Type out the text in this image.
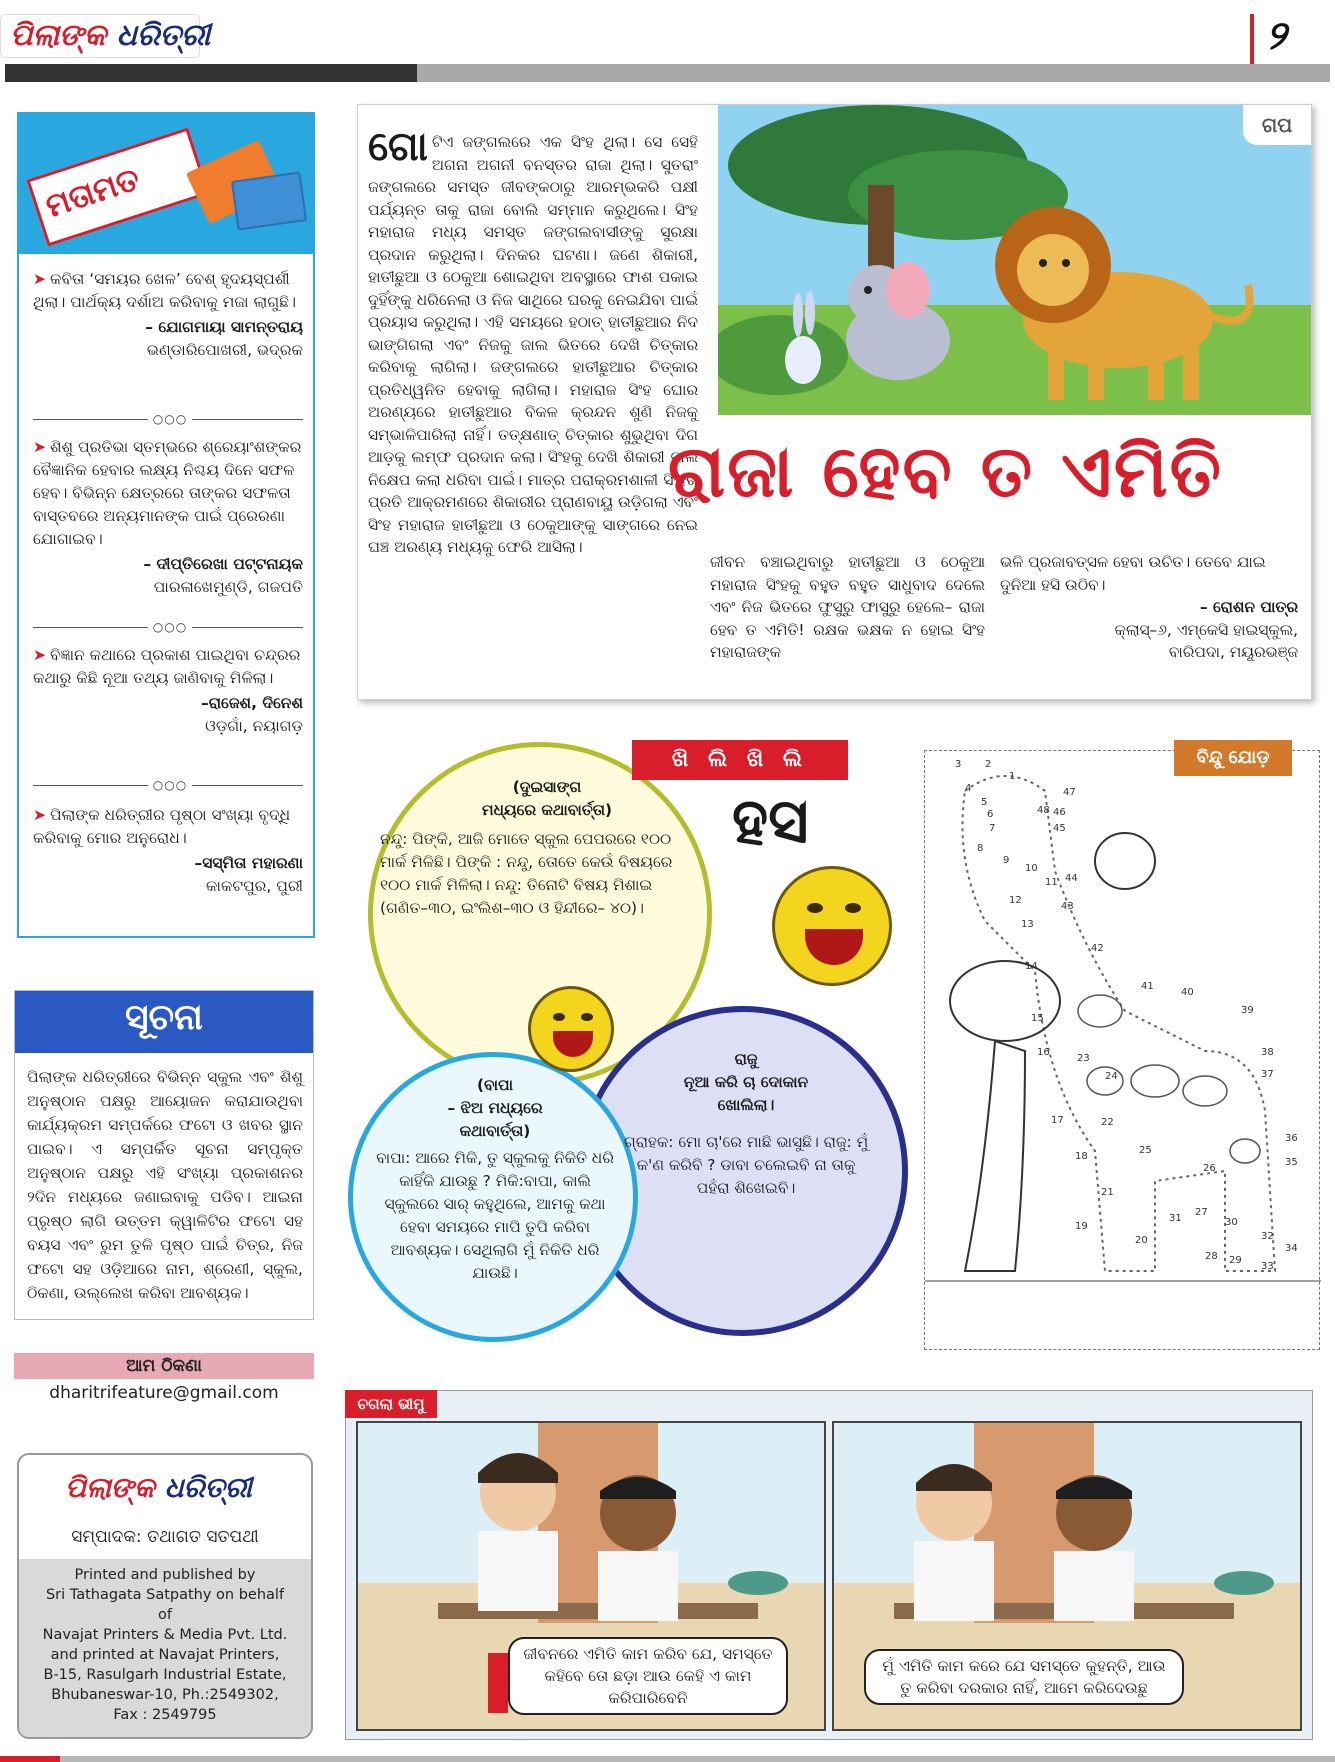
ପିଲାଙ୍କ ଧରିତ୍ରୀ	୨
ମତାମତ
➤ କବିତା ‘ସମୟର ଖେଳ’ ବେଶ୍ ହୃଦୟସ୍ପର୍ଶୀ ଥିଲା। ପାର୍ଥକ୍ୟ ଦର୍ଶାଅ କରିବାକୁ ମଜା ଲାଗୁଛି।
– ଯୋଗମାୟା ସାମନ୍ତରାୟ
ଭଣ୍ଡାରିପୋଖରୀ, ଭଦ୍ରକ
○○○
➤ ଶିଶୁ ପ୍ରତିଭା ସ୍ତମ୍ଭରେ ଶ୍ରେୟାଂଶଙ୍କର ବୈଜ୍ଞାନିକ ହେବାର ଲକ୍ଷ୍ୟ ନିଶ୍ଚୟ ଦିନେ ସଫଳ ହେବ। ବିଭିନ୍ନ କ୍ଷେତ୍ରରେ ତାଙ୍କର ସଫଳତା ବାସ୍ତବରେ ଅନ୍ୟମାନଙ୍କ ପାଇଁ ପ୍ରେରଣା ଯୋଗାଇବ।
– ଦୀପ୍ତିରେଖା ପଟ୍ଟନାୟକ
ପାରଳାଖେମୁଣ୍ଡି, ଗଜପତି
○○○
➤ ବିଜ୍ଞାନ କଥାରେ ପ୍ରକାଶ ପାଇଥିବା ଚନ୍ଦ୍ରର କଥାରୁ କିଛି ନୂଆ ତଥ୍ୟ ଜାଣିବାକୁ ମିଳିଲା।
–ରାଜେଶ, ଦିନେଶ
ଓଡ଼ଗାଁ, ନୟାଗଡ଼
○○○
➤ ପିଲାଙ୍କ ଧରିତ୍ରୀର ପୃଷ୍ଠା ସଂଖ୍ୟା ବୃଦ୍ଧି କରିବାକୁ ମୋର ଅନୁରୋଧ।
–ସସ୍ମିତା ମହାରଣା
କାକଟପୁର, ପୁରୀ
ସୂଚନା
ପିଲାଙ୍କ ଧରିତ୍ରୀରେ ବିଭିନ୍ନ ସ୍କୁଲ ଏବଂ ଶିଶୁ ଅନୁଷ୍ଠାନ ପକ୍ଷରୁ ଆୟୋଜନ କରାଯାଉଥିବା କାର୍ଯ୍ୟକ୍ରମ ସମ୍ପର୍କରେ ଫଟୋ ଓ ଖବର ସ୍ଥାନ ପାଇବ। ଏ ସମ୍ପର୍କିତ ସୂଚନା ସମ୍ପୃକ୍ତ ଅନୁଷ୍ଠାନ ପକ୍ଷରୁ ଏହି ସଂଖ୍ୟା ପ୍ରକାଶନର ୨ଦିନ ମଧ୍ୟରେ ଜଣାଇବାକୁ ପଡିବ। ଆଇନା ପ୍ରୃଷ୍ଠ ଲାଗି ଉତ୍ତମ କ୍ୱାଳିଟିର ଫଟୋ ସହ ବୟସ ଏବଂ ରୁମ ତୁଳି ପୃଷ୍ଠ ପାଇଁ ଚିତ୍ର, ନିଜ ଫଟୋ ସହ ଓଡ଼ିଆରେ ନାମ, ଶ୍ରେଣୀ, ସ୍କୁଲ, ଠିକଣା, ଉଲ୍ଲେଖ କରିବା ଆବଶ୍ୟକ।
ଆମ ଠିକଣା
dharitrifeature@gmail.com
ପିଲାଙ୍କ ଧରିତ୍ରୀ
ସମ୍ପାଦକ: ତଥାଗତ ସତପଥୀ
Printed and published by
Sri Tathagata Satpathy on behalf
of
Navajat Printers & Media Pvt. Ltd.
and printed at Navajat Printers,
B-15, Rasulgarh Industrial Estate,
Bhubaneswar-10, Ph.:2549302,
Fax : 2549795
ଗପ
ଗୋଟିଏ ଜଙ୍ଗଲରେ ଏକ ସିଂହ ଥିଲା। ସେ ସେହି ଅଗନା ଅଗନୀ ବନସ୍ତର ରାଜା ଥିଲା। ସୁତରାଂ ଜଙ୍ଗଲରେ ସମସ୍ତ ଜୀବଙ୍କଠାରୁ ଆରମ୍ଭକରି ପକ୍ଷୀ ପର୍ଯ୍ୟନ୍ତ ତାକୁ ରାଜା ବୋଲି ସମ୍ମାନ କରୁଥିଲେ। ସିଂହ ମହାରାଜ ମଧ୍ୟ ସମସ୍ତ ଜଙ୍ଗଲବାସୀଙ୍କୁ ସୁରକ୍ଷା ପ୍ରଦାନ କରୁଥିଲା। ଦିନକର ଘଟଣା। ଜଣେ ଶିକାରୀ, ହାତୀଛୁଆ ଓ ଠେକୁଆ ଶୋଇଥିବା ଅବସ୍ଥାରେ ଫାଶ ପକାଇ ଦୁହିଁଙ୍କୁ ଧରିନେଲା ଓ ନିଜ ସାଥିରେ ଘରକୁ ନେଇଯିବା ପାଇଁ ପ୍ରୟାସ କରୁଥିଲା। ଏହି ସମୟରେ ହଠାତ୍ ହାତୀଛୁଆର ନିଦ ଭାଙ୍ଗିଗଲା ଏବଂ ନିଜକୁ ଜାଲ ଭିତରେ ଦେଖି ଚିତ୍କାର କରିବାକୁ ଲାଗିଲା। ଜଙ୍ଗଲରେ ହାତୀଛୁଆର ଚିତ୍କାର ପ୍ରତିଧ୍ୱନିତ ହେବାକୁ ଲାଗିଲା। ମହାରାଜ ସିଂହ ଘୋର ଅରଣ୍ୟରେ ହାତୀଛୁଆର ବିକଳ କ୍ରନ୍ଦନ ଶୁଣି ନିଜକୁ ସମ୍ଭାଳିପାରିଲା ନାହିଁ। ତତ୍‌କ୍ଷଣାତ୍ ଚିତ୍କାର ଶୁଭୁଥିବା ଦିଗ ଆଡ଼କୁ ଲମ୍ଫ ପ୍ରଦାନ କଲା। ସିଂହକୁ ଦେଖି ଶିକାରୀ ଜାଲ ନିକ୍ଷେପ କଲା ଧରିବା ପାଇଁ। ମାତ୍ର ପରାକ୍ରମଶାଳୀ ସିଂହର ପ୍ରତି ଆକ୍ରମଣରେ ଶିକାରୀର ପ୍ରାଣବାୟୁ ଉଡ଼ିଗଲା ଏବଂ ସିଂହ ମହାରାଜ ହାତୀଛୁଆ ଓ ଠେକୁଆଙ୍କୁ ସାଙ୍ଗରେ ନେଇ ଘଞ୍ଚ ଅରଣ୍ୟ ମଧ୍ୟକୁ ଫେରି ଆସିଲା।
ରାଜା ହେବ ତ ଏମିତି
ଜୀବନ ବଞ୍ଚାଇଥିବାରୁ ହାତୀଛୁଆ ଓ ଠେକୁଆ ମହାରାଜ ସିଂହକୁ ବହୁତ ବହୁତ ସାଧୁବାଦ ଦେଲେ ଏବଂ ନିଜ ଭିତରେ ଫୁସୁରୁ ଫାସୁରୁ ହେଲେ– ରାଜା ହେବ ତ ଏମିତି! ରକ୍ଷକ ଭକ୍ଷକ ନ ହୋଇ ସିଂହ ମହାରାଜଙ୍କ
ଭଳି ପ୍ରଜାବତ୍ସଳ ହେବା ଉଚିତ। ତେବେ ଯାଇ ଦୁନିଆ ହସି ଉଠିବ।
– ରୋଶନ ପାତ୍ର
କ୍ଲାସ୍–୬, ଏମ୍‌କେସି ହାଇସ୍କୁଲ,
ବାରିପଦା, ମୟୂରଭଞ୍ଜ
ଖି ଲି ଖି ଲି
ହସ
(ଦୁଇସାଙ୍ଗ
ମଧ୍ୟରେ କଥାବାର୍ତ୍ତା)
ନନ୍ଦୁ: ପିଙ୍କି, ଆଜି ମୋତେ ସ୍କୁଲ ପେପରରେ ୧୦୦ ମାର୍କ ମିଳିଛି। ପିଙ୍କି : ନନ୍ଦୁ, ତୋତେ କେଉଁ ବିଷୟରେ ୧୦୦ ମାର୍କ ମିଳିଲା। ନନ୍ଦୁ: ତିନୋଟି ବିଷୟ ମିଶାଇ (ଗଣିତ–୩୦, ଇଂଲିଶ–୩୦ ଓ ହିନ୍ଦୀରେ– ୪୦)।
ରାଜୁ
ନୂଆ କରି ଚା ଦୋକାନ
ଖୋଲିଲା।
ଗ୍ରାହକ: ମୋ ଚା'ରେ ମାଛି ଭାସୁଛି। ରାଜୁ: ମୁଁ କ'ଣ କରିବି ? ଡାବା ଚଲେଇବି ନା ତାକୁ ପହଁରା ଶିଖେଇବି।
(ବାପା
– ଝିଅ ମଧ୍ୟରେ
କଥାବାର୍ତ୍ତା)
ବାପା: ଆରେ ମିକି, ତୁ ସ୍କୁଲକୁ ନିକିତି ଧରି କାହିଁକି ଯାଉଛୁ ? ମିକି:ବାପା, କାଲି ସ୍କୁଲରେ ସାର୍ କହୁଥିଲେ, ଆମକୁ କଥା ହେବା ସମୟରେ ମାପି ତୁପି କରିବା ଆବଶ୍ୟକ। ସେଥିଲାଗି ମୁଁ ନିକିତି ଧରି ଯାଉଛି।
3 2
1
4
5
6
7
8
9
10
11
12
13
14
15
16
17
18
19
20
21
22
23
24
25
26
27
28 29
30
31
32
33
34
35
36
37
38
39
40
41
42
43
44
45
46
47
48
ବିନ୍ଦୁ ଯୋଡ଼
ଜୀବନରେ ଏମିତି କାମ କରିବ ଯେ, ସମସ୍ତେ କହିବେ ତୋ ଛଡ଼ା ଆଉ କେହି ଏ କାମ କରିପାରିବେନି
ମୁଁ ଏମିତି କାମ କରେ ଯେ ସମସ୍ତେ କୁହନ୍ତି, ଆଉ ତୁ କରିବା ଦରକାର ନାହିଁ, ଆମେ କରିଦେଉଛୁ
ଚଗଲା ଭୀମୁ
